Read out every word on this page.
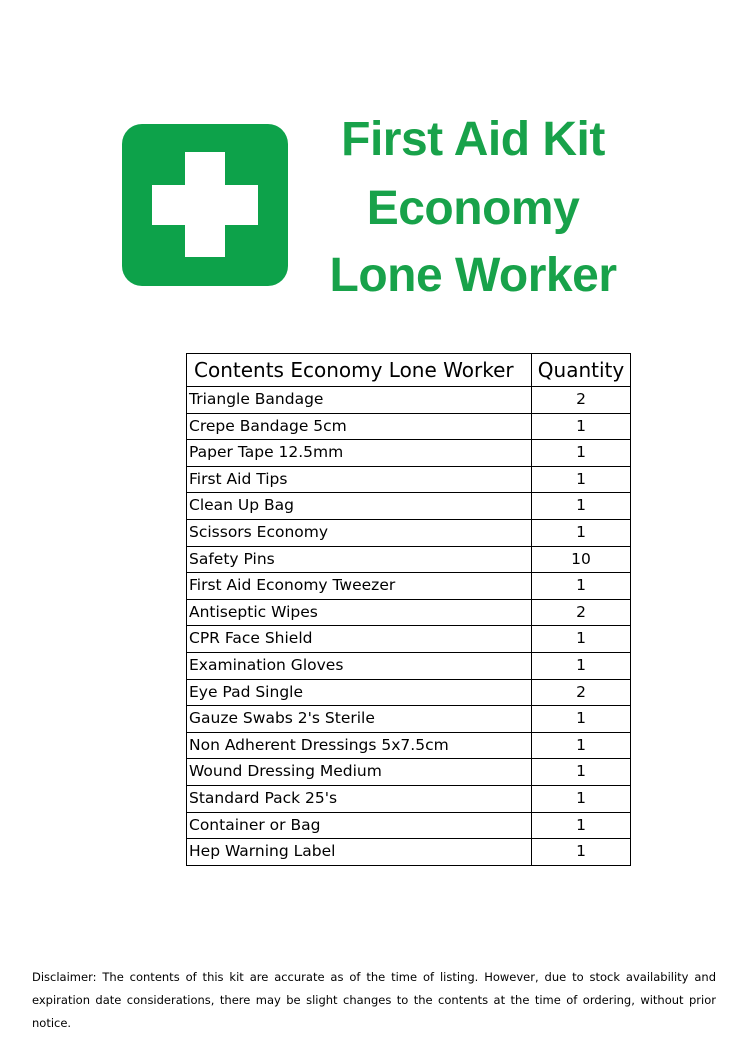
First Aid Kit
Economy
Lone Worker
Contents Economy Lone Worker	Quantity
Triangle Bandage	2
Crepe Bandage 5cm	1
Paper Tape 12.5mm	1
First Aid Tips	1
Clean Up Bag	1
Scissors Economy	1
Safety Pins	10
First Aid Economy Tweezer	1
Antiseptic Wipes	2
CPR Face Shield	1
Examination Gloves	1
Eye Pad Single	2
Gauze Swabs 2's Sterile	1
Non Adherent Dressings 5x7.5cm	1
Wound Dressing Medium	1
Standard Pack 25's	1
Container or Bag	1
Hep Warning Label	1
Disclaimer: The contents of this kit are accurate as of the time of listing. However, due to stock availability and expiration date considerations, there may be slight changes to the contents at the time of ordering, without prior notice.
